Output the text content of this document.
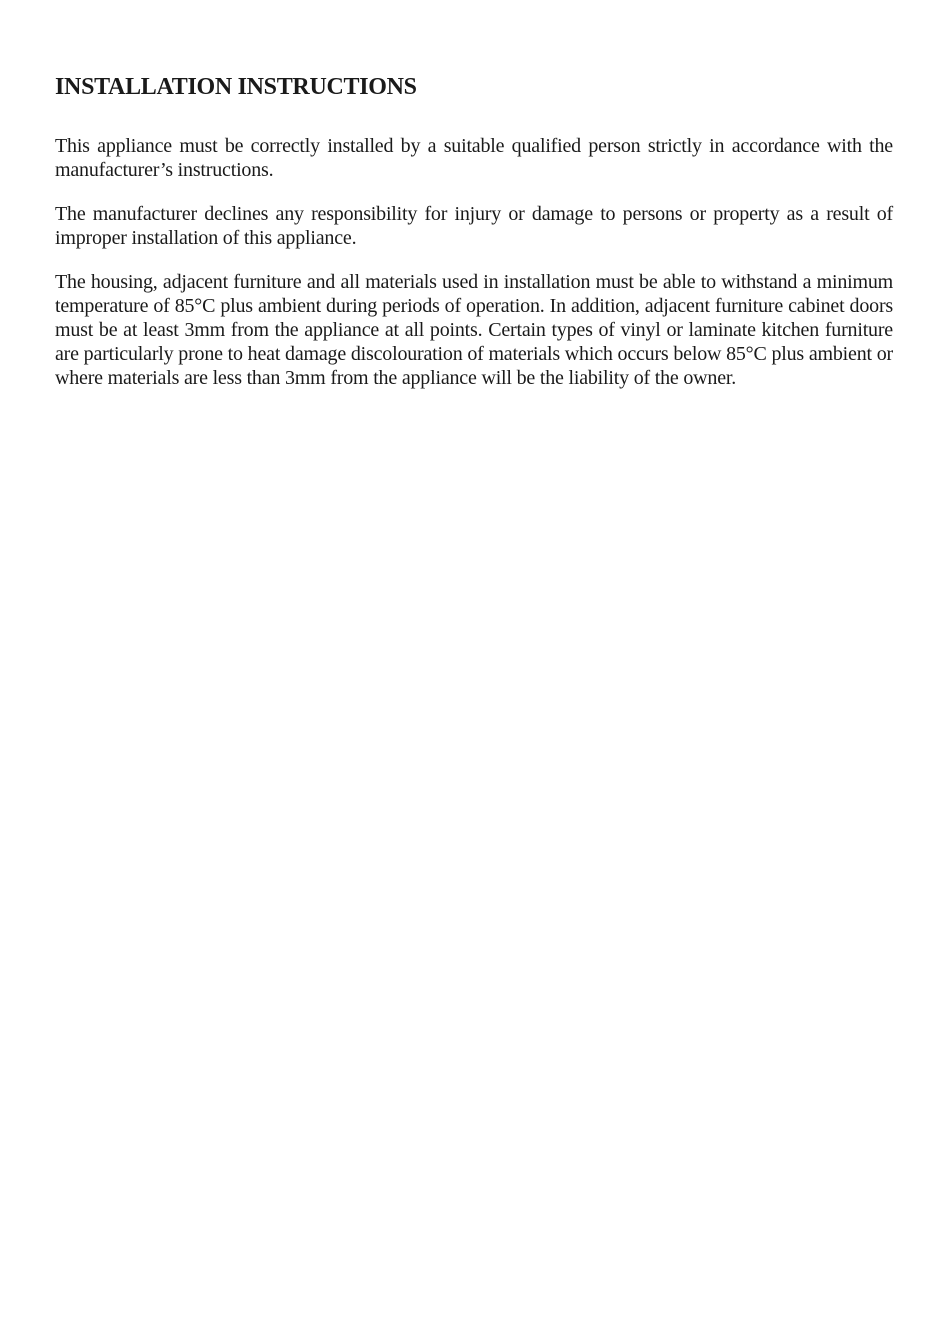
INSTALLATION INSTRUCTIONS

This appliance must be correctly installed by a suitable qualified person strictly in accordance with the manufacturer’s instructions.

The manufacturer declines any responsibility for injury or damage to persons or property as a result of improper installation of this appliance.

The housing, adjacent furniture and all materials used in installation must be able to withstand a minimum temperature of 85°C plus ambient during periods of operation. In addition, adjacent furniture cabinet doors must be at least 3mm from the appliance at all points. Certain types of vinyl or laminate kitchen furniture are particularly prone to heat damage discolouration of materials which occurs below 85°C plus ambient or where materials are less than 3mm from the appliance will be the liability of the owner.
